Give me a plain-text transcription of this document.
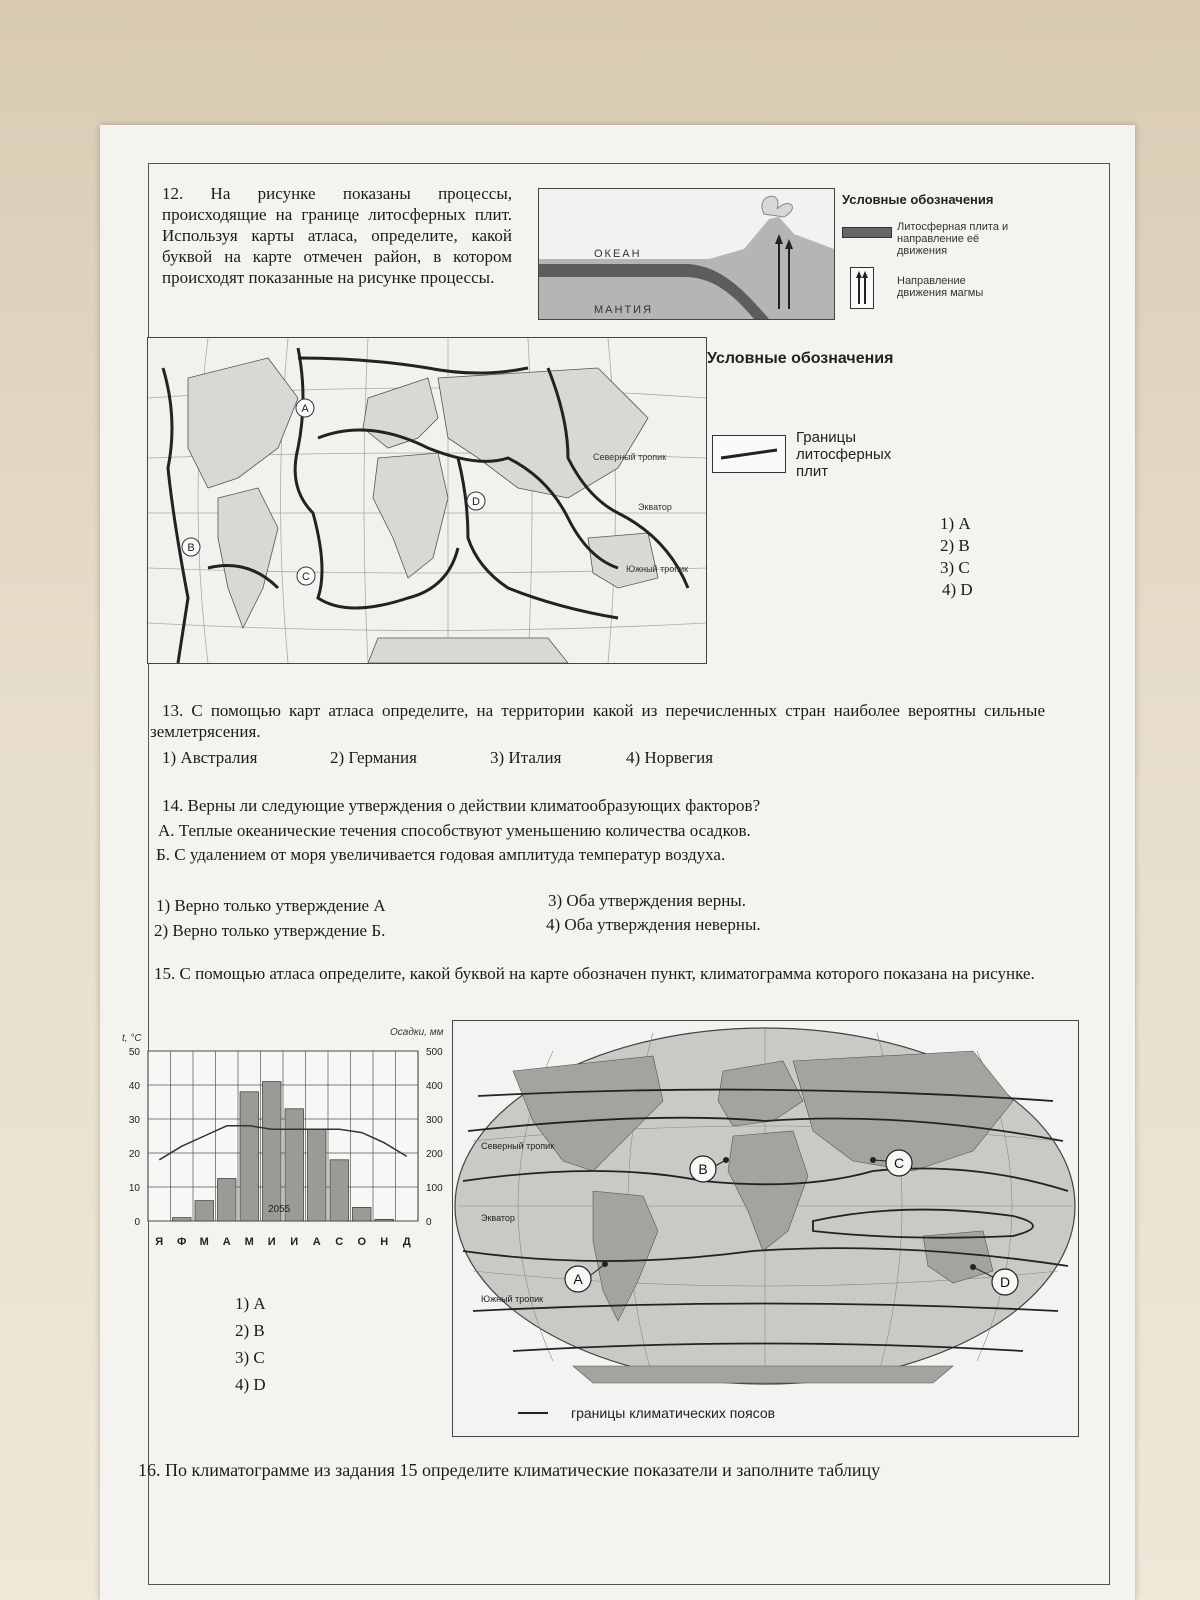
12. На рисунке показаны процессы, происходящие на границе литосферных плит. Используя карты атласа, определите, какой буквой на карте отмечен район, в котором происходят показанные на рисунке процессы.
ОКЕАН
МАНТИЯ
Условные обозначения
Литосферная плита и направление её движения
Направление движения магмы
Северный тропик
Экватор
Южный тропик
A
B
C
D
Условные обозначения
Границы литосферных плит
1) А
2) В
3) С
4) D
13. С помощью карт атласа определите, на территории какой из перечисленных стран наиболее вероятны сильные землетрясения.
1) Австралия	2) Германия	3) Италия	4) Норвегия
14. Верны ли следующие утверждения о действии климатообразующих факторов?
А. Теплые океанические течения способствуют уменьшению количества осадков.
Б. С удалением от моря увеличивается годовая амплитуда температур воздуха.
1) Верно только утверждение А
2) Верно только утверждение Б.
3) Оба утверждения верны.
4) Оба утверждения неверны.
15. С помощью атласа определите, какой буквой на карте обозначен пункт, климатограмма которого показана на рисунке.
t, °C
Осадки, мм
0
10
20
30
40
50
0
100
200
300
400
500
Я Ф М А М И И А С О Н Д
2055
1) А
2) В
3) С
4) D
Северный тропик
Экватор
Южный тропик
A
B	C
D
границы климатических поясов
16. По климатограмме из задания 15 определите климатические показатели и заполните таблицу
